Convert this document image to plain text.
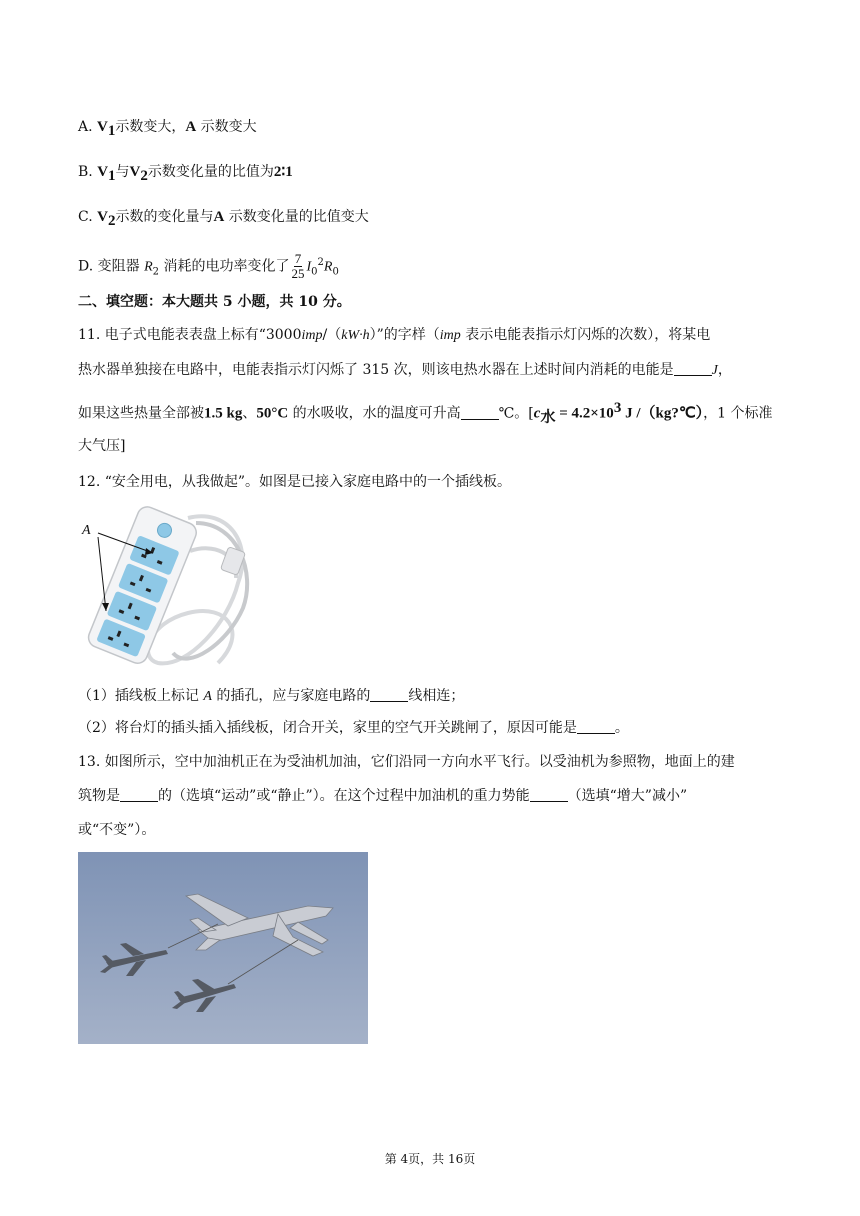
A. $V_1$示数变大，A 示数变大
B. $V_1$与$V_2$示数变化量的比值为2∶1
C. $V_2$示数的变化量与A 示数变化量的比值变大
D. 变阻器 $R_2$ 消耗的电功率变化了 $\frac{7}{25} I_0^2R_0$
二、填空题：本大题共 5 小题，共 10 分。
11. 电子式电能表表盘上标有“3000imp/（kW·h）”的字样（imp 表示电能表指示灯闪烁的次数），将某电
热水器单独接在电路中，电能表指示灯闪烁了 315 次，则该电热水器在上述时间内消耗的电能是	J，
如果这些热量全部被1.5 kg、50°C 的水吸收，水的温度可升高	℃。[$c_水 = 4.2\times 10^3$ J /（kg?℃），1 个标准
大气压]
12. “安全用电，从我做起”。如图是已接入家庭电路中的一个插线板。
A
（1）插线板上标记 A 的插孔，应与家庭电路的	线相连；
（2）将台灯的插头插入插线板，闭合开关，家里的空气开关跳闸了，原因可能是	。
13. 如图所示，空中加油机正在为受油机加油，它们沿同一方向水平飞行。以受油机为参照物，地面上的建
筑物是	的（选填“运动”或“静止”）。在这个过程中加油机的重力势能	（选填“增大”减小”
或“不变”）。
第 4页，共 16页
